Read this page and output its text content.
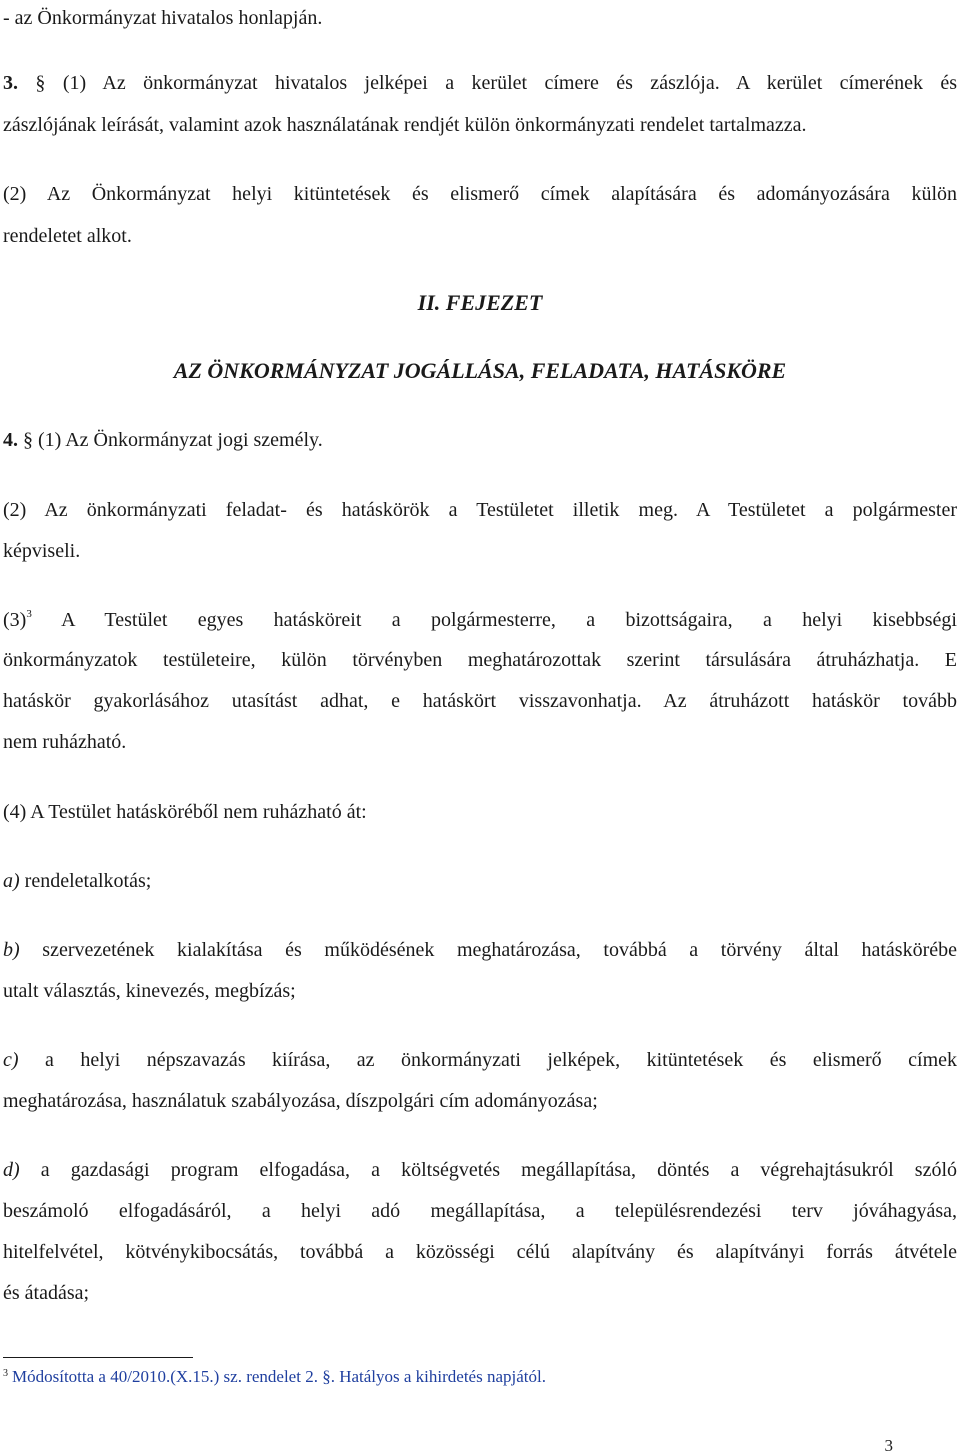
- az Önkormányzat hivatalos honlapján.
3. § (1) Az önkormányzat hivatalos jelképei a kerület címere és zászlója. A kerület címerének és
zászlójának leírását, valamint azok használatának rendjét külön önkormányzati rendelet tartalmazza.
(2) Az Önkormányzat helyi kitüntetések és elismerő címek alapítására és adományozására külön
rendeletet alkot.
II. FEJEZET
AZ ÖNKORMÁNYZAT JOGÁLLÁSA, FELADATA, HATÁSKÖRE
4. § (1) Az Önkormányzat jogi személy.
(2) Az önkormányzati feladat- és hatáskörök a Testületet illetik meg. A Testületet a polgármester
képviseli.
(3)$^3$ A Testület egyes hatásköreit a polgármesterre, a bizottságaira, a helyi kisebbségi
önkormányzatok testületeire, külön törvényben meghatározottak szerint társulására átruházhatja. E
hatáskör gyakorlásához utasítást adhat, e hatáskört visszavonhatja. Az átruházott hatáskör tovább
nem ruházható.
(4) A Testület hatásköréből nem ruházható át:
a) rendeletalkotás;
b) szervezetének kialakítása és működésének meghatározása, továbbá a törvény által hatáskörébe
utalt választás, kinevezés, megbízás;
c) a helyi népszavazás kiírása, az önkormányzati jelképek, kitüntetések és elismerő címek
meghatározása, használatuk szabályozása, díszpolgári cím adományozása;
d) a gazdasági program elfogadása, a költségvetés megállapítása, döntés a végrehajtásukról szóló
beszámoló elfogadásáról, a helyi adó megállapítása, a településrendezési terv jóváhagyása,
hitelfelvétel, kötvénykibocsátás, továbbá a közösségi célú alapítvány és alapítványi forrás átvétele
és átadása;
$^3$ Módosította a 40/2010.(X.15.) sz. rendelet 2. §. Hatályos a kihirdetés napjától.
3
